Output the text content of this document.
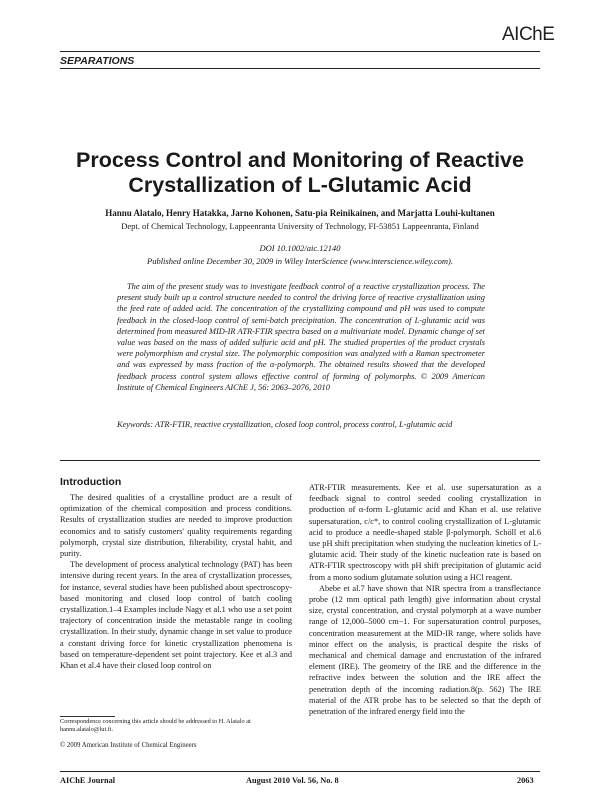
AIChE
SEPARATIONS
Process Control and Monitoring of Reactive
Crystallization of L-Glutamic Acid
Hannu Alatalo, Henry Hatakka, Jarno Kohonen, Satu-pia Reinikainen, and Marjatta Louhi-kultanen
Dept. of Chemical Technology, Lappeenranta University of Technology, FI-53851 Lappeenranta, Finland
DOI 10.1002/aic.12140
Published online December 30, 2009 in Wiley InterScience (www.interscience.wiley.com).
The aim of the present study was to investigate feedback control of a reactive crystallization process. The present study built up a control structure needed to control the driving force of reactive crystallization using the feed rate of added acid. The concentration of the crystallizing compound and pH was used to compute feedback in the closed-loop control of semi-batch precipitation. The concentration of L-glutamic acid was determined from measured MID-IR ATR-FTIR spectra based on a multivariate model. Dynamic change of set value was based on the mass of added sulfuric acid and pH. The studied properties of the product crystals were polymorphism and crystal size. The polymorphic composition was analyzed with a Raman spectrometer and was expressed by mass fraction of the α-polymorph. The obtained results showed that the developed feedback process control system allows effective control of forming of polymorphs. © 2009 American Institute of Chemical Engineers AIChE J, 56: 2063–2076, 2010
Keywords: ATR-FTIR, reactive crystallization, closed loop control, process control, L-glutamic acid
Introduction

The desired qualities of a crystalline product are a result of optimization of the chemical composition and process conditions. Results of crystallization studies are needed to improve production economics and to satisfy customers' quality requirements regarding polymorph, crystal size distribution, filterability, crystal habit, and purity.

The development of process analytical technology (PAT) has been intensive during recent years. In the area of crystallization processes, for instance, several studies have been published about spectroscopy-based monitoring and closed loop control of batch cooling crystallization.1–4 Examples include Nagy et al.1 who use a set point trajectory of concentration inside the metastable range in cooling crystallization. In their study, dynamic change in set value to produce a constant driving force for kinetic crystallization phenomena is based on temperature-dependent set point trajectory. Kee et al.3 and Khan et al.4 have their closed loop control on

Correspondence concerning this article should be addressed to H. Alatalo at hannu.alatalo@lut.fi.
© 2009 American Institute of Chemical Engineers

ATR-FTIR measurements. Kee et al. use supersaturation as a feedback signal to control seeded cooling crystallization in production of α-form L-glutamic acid and Khan et al. use relative supersaturation, c/c*, to control cooling crystallization of L-glutamic acid to produce a needle-shaped stable β-polymorph. Schöll et al.6 use pH shift precipitation when studying the nucleation kinetics of L-glutamic acid. Their study of the kinetic nucleation rate is based on ATR-FTIR spectroscopy with pH shift precipitation of glutamic acid from a mono sodium glutamate solution using a HCl reagent.

Abebe et al.7 have shown that NIR spectra from a transflectance probe (12 mm optical path length) give information about crystal size, crystal concentration, and crystal polymorph at a wave number range of 12,000–5000 cm−1. For supersaturation control purposes, concentration measurement at the MID-IR range, where solids have minor effect on the analysis, is practical despite the risks of mechanical and chemical damage and encrustation of the infrared element (IRE). The geometry of the IRE and the difference in the refractive index between the solution and the IRE affect the penetration depth of the incoming radiation.8(p. 562) The IRE material of the ATR probe has to be selected so that the depth of penetration of the infrared energy field into the

AIChE Journal	August 2010 Vol. 56, No. 8	2063
